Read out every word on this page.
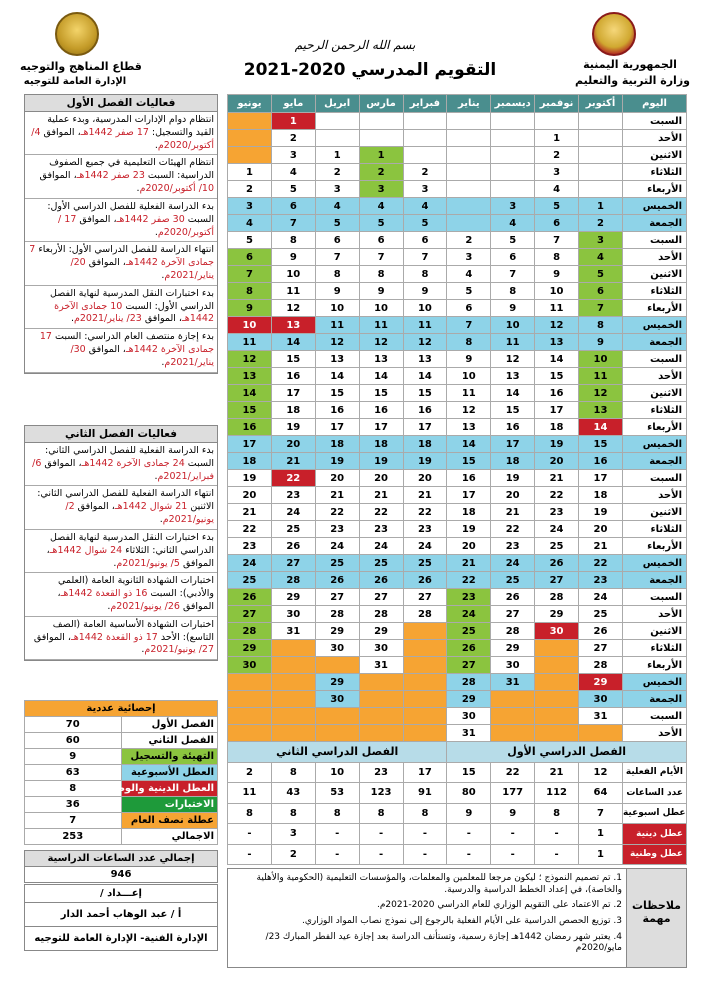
قطاع المناهج والتوجيه
الإدارة العامة للتوجيه
الجمهورية اليمنية
وزارة التربية والتعليم
بسم الله الرحمن الرحيم
التقويم المدرسي 2020-2021
يونيو	مايو	ابريل	مارس	فبراير	يناير	ديسمبر	نوفمبر	أكتوبر	اليوم
	1								السبت
	2						1		الأحد
	3	1	1				2		الاثنين
1	4	2	2	2			3		الثلاثاء
2	5	3	3	3			4		الأربعاء
3	6	4	4	4		3	5	1	الخميس
4	7	5	5	5		4	6	2	الجمعة
5	8	6	6	6	2	5	7	3	السبت
6	9	7	7	7	3	6	8	4	الأحد
7	10	8	8	8	4	7	9	5	الاثنين
8	11	9	9	9	5	8	10	6	الثلاثاء
9	12	10	10	10	6	9	11	7	الأربعاء
10	13	11	11	11	7	10	12	8	الخميس
11	14	12	12	12	8	11	13	9	الجمعة
12	15	13	13	13	9	12	14	10	السبت
13	16	14	14	14	10	13	15	11	الأحد
14	17	15	15	15	11	14	16	12	الاثنين
15	18	16	16	16	12	15	17	13	الثلاثاء
16	19	17	17	17	13	16	18	14	الأربعاء
17	20	18	18	18	14	17	19	15	الخميس
18	21	19	19	19	15	18	20	16	الجمعة
19	22	20	20	20	16	19	21	17	السبت
20	23	21	21	21	17	20	22	18	الأحد
21	24	22	22	22	18	21	23	19	الاثنين
22	25	23	23	23	19	22	24	20	الثلاثاء
23	26	24	24	24	20	23	25	21	الأربعاء
24	27	25	25	25	21	24	26	22	الخميس
25	28	26	26	26	22	25	27	23	الجمعة
26	29	27	27	27	23	26	28	24	السبت
27	30	28	28	28	24	27	29	25	الأحد
28	31	29	29		25	28	30	26	الاثنين
29		30	30		26	29		27	الثلاثاء
30			31		27	30		28	الأربعاء
		29			28	31		29	الخميس
		30			29			30	الجمعة
					30			31	السبت
					31				الأحد
الفصل الدراسي الثاني					الفصل الدراسي الأول				
2	8	10	23	17	15	22	21	12	الأيام الفعلية
11	43	53	123	91	80	177	112	64	عدد الساعات
8	8	8	8	8	9	9	8	7	عطل اسبوعية
-	3	-	-	-	-	-	-	1	عطل دينية
-	2	-	-	-	-	-	-	1	عطل وطنية
ملاحظات مهمة
1. تم تصميم النموذج ؛ ليكون مرجعا للمعلمين والمعلمات، والمؤسسات التعليمية (الحكومية والأهلية والخاصة)، في إعداد الخطط الدراسية والدرسية.
2. تم الاعتماد على التقويم الوزاري للعام الدراسي 2020-2021م.
3. توزيع الحصص الدراسية على الأيام الفعلية بالرجوع إلى نموذج نصاب المواد الوزاري.
4. يعتبر شهر رمضان 1442هـ إجازة رسمية، وتستأنف الدراسة بعد إجازة عيد الفطر المبارك 23/مايو/2020م
فعاليات الفصل الأول
انتظام دوام الإدارات المدرسية، وبدء عملية القيد والتسجيل: 17 صفر 1442هـ، الموافق 4/ أكتوبر/2020م.
انتظام الهيئات التعليمية في جميع الصفوف الدراسية: السبت 23 صفر 1442هـ، الموافق 10/ أكتوبر/2020م.
بدء الدراسة الفعلية للفصل الدراسي الأول: السبت 30 صفر 1442هـ، الموافق 17 / أكتوبر/2020م.
انتهاء الدراسة للفصل الدراسي الأول: الأربعاء 7 جمادى الآخرة 1442هـ، الموافق 20/ يناير/2021م.
بدء اختبارات النقل المدرسية لنهاية الفصل الدراسي الأول: السبت 10 جمادى الآخرة 1442هـ، الموافق 23/ يناير/2021م.
بدء إجازة منتصف العام الدراسي: السبت 17 جمادى الآخرة 1442هـ، الموافق 30/ يناير/2021م.
فعاليات الفصل الثاني
بدء الدراسة الفعلية للفصل الدراسي الثاني: السبت 24 جمادى الآخرة 1442هـ، الموافق 6/ فبراير/2021م.
انتهاء الدراسة الفعلية للفصل الدراسي الثاني: الاثنين 21 شوال 1442هـ، الموافق 2/ يونيو/2021م.
بدء اختبارات النقل المدرسية لنهاية الفصل الدراسي الثاني: الثلاثاء 24 شوال 1442هـ، الموافق 5/ يونيو/2021م.
اختبارات الشهادة الثانوية العامة (العلمي والأدبي): السبت 16 ذو القعدة 1442هـ، الموافق 26/ يونيو/2021م.
اختبارات الشهادة الأساسية العامة (الصف التاسع): الأحد 17 ذو القعدة 1442هـ، الموافق 27/ يونيو/2021م.
إحصائية عددية	
الفصل الأول	70
الفصل الثاني	60
التهيئة والتسجيل	9
العطل الأسبوعية	63
العطل الدينية والوطنية	8
الاختبارات	36
عطلة نصف العام	7
الاجمالي	253
إجمالي عدد الساعات الدراسية
946
إعـــداد /
أ / عبد الوهاب أحمد الدار
الإدارة الفنية- الإدارة العامة للتوجيه
